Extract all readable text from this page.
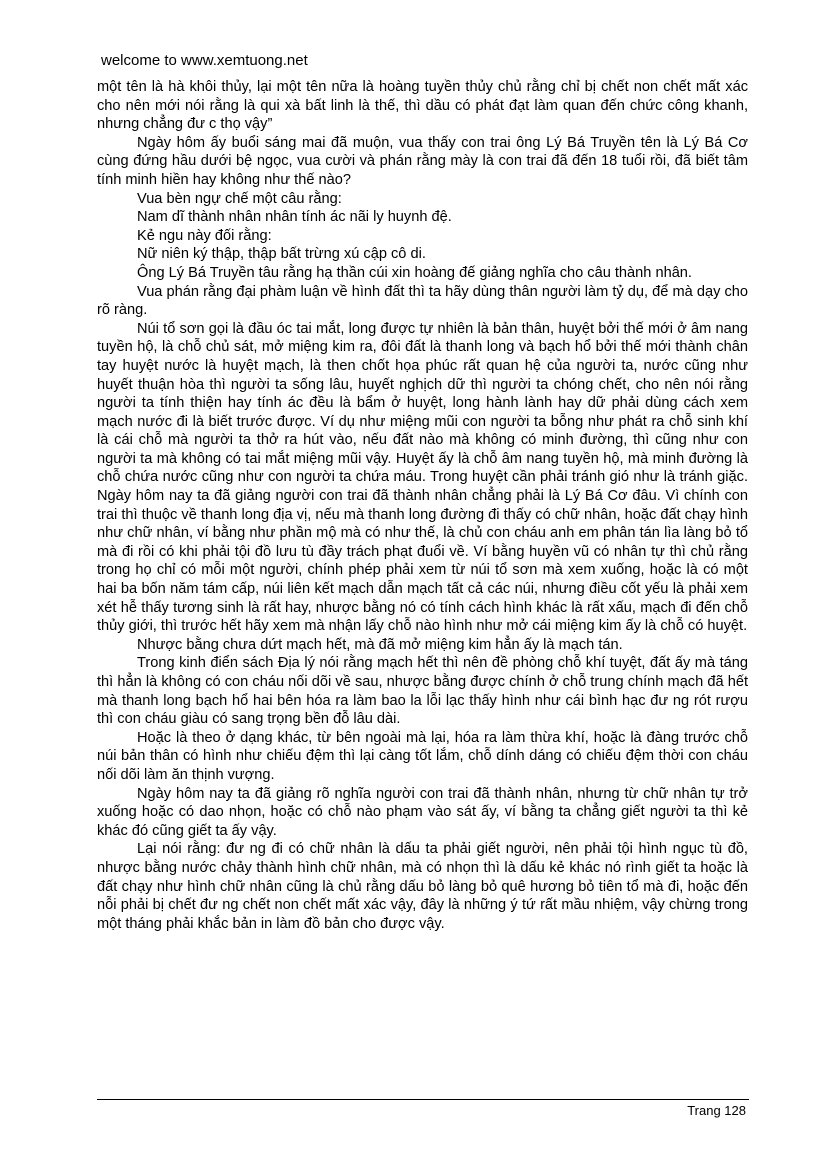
welcome to www.xemtuong.net

một tên là hà khôi thủy, lại một tên nữa là hoàng tuyền thủy chủ rằng chỉ bị chết non chết mất xác cho nên mới nói rằng là qui xà bất linh là thế, thì dầu có phát đạt làm quan đến chức công khanh, nhưng chẳng đư c thọ vậy”

Ngày hôm ấy buổi sáng mai đã muộn, vua thấy con trai ông Lý Bá Truyền tên là Lý Bá Cơ cùng đứng hầu dưới bệ ngọc, vua cười và phán rằng mày là con trai đã đến 18 tuổi rồi, đã biết tâm tính minh hiền hay không như thế nào?

Vua bèn ngự chế một câu rằng:

Nam dĩ thành nhân nhân tính ác nãi ly huynh đệ.

Kẻ ngu này đối rằng:

Nữ niên ký thập, thập bất trừng xú cập cô di.

Ông Lý Bá Truyền tâu rằng hạ thần cúi xin hoàng đế giảng nghĩa cho câu thành nhân.

Vua phán rằng đại phàm luận về hình đất thì ta hãy dùng thân người làm tỷ dụ, để mà dạy cho rõ ràng.

Núi tổ sơn gọi là đầu óc tai mắt, long được tự nhiên là bản thân, huyệt bởi thế mới ở âm nang tuyền hộ, là chỗ chủ sát, mở miệng kim ra, đôi đất là thanh long và bạch hổ bởi thế mới thành chân tay huyệt nước là huyệt mạch, là then chốt họa phúc rất quan hệ của người ta, nước cũng như huyết thuận hòa thì người ta sống lâu, huyết nghịch dữ thì người ta chóng chết, cho nên nói rằng người ta tính thiện hay tính ác đều là bẩm ở huyệt, long hành lành hay dữ phải dùng cách xem mạch nước đi là biết trước được. Ví dụ như miệng mũi con người ta bỗng như phát ra chỗ sinh khí là cái chỗ mà người ta thở ra hút vào, nếu đất nào mà không có minh đường, thì cũng như con người ta mà không có tai mắt miệng mũi vậy. Huyệt ấy là chỗ âm nang tuyền hộ, mà minh đường là chỗ chứa nước cũng như con người ta chứa máu. Trong huyệt cần phải tránh gió như là tránh giặc. Ngày hôm nay ta đã giảng người con trai đã thành nhân chẳng phải là Lý Bá Cơ đâu. Vì chính con trai thì thuộc về thanh long địa vị, nếu mà thanh long đường đi thấy có chữ nhân, hoặc đất chạy hình như chữ nhân, ví bằng như phần mộ mà có như thế, là chủ con cháu anh em phân tán lìa làng bỏ tổ mà đi rồi có khi phải tội đồ lưu tù đầy trách phạt đuổi về. Ví bằng huyền vũ có nhân tự thì chủ rằng trong họ chỉ có mỗi một người, chính phép phải xem từ núi tổ sơn mà xem xuống, hoặc là có một hai ba bốn năm tám cấp, núi liên kết mạch dẫn mạch tất cả các núi, nhưng điều cốt yếu là phải xem xét hễ thấy tương sinh là rất hay, nhược bằng nó có tính cách hình khác là rất xấu, mạch đi đến chỗ thủy giới, thì trước hết hãy xem mà nhận lấy chỗ nào hình như mở cái miệng kim ấy là chỗ có huyệt.

Nhược bằng chưa dứt mạch hết, mà đã mở miệng kim hẳn ấy là mạch tán.

Trong kinh điển sách Địa lý nói rằng mạch hết thì nên đề phòng chỗ khí tuyệt, đất ấy mà táng thì hẳn là không có con cháu nối dõi về sau, nhược bằng được chính ở chỗ trung chính mạch đã hết mà thanh long bạch hổ hai bên hóa ra làm bao la lỗi lạc thấy hình như cái bình hạc đư ng rót rượu thì con cháu giàu có sang trọng bền đỗ lâu dài.

Hoặc là theo ở dạng khác, từ bên ngoài mà lại, hóa ra làm thừa khí, hoặc là đàng trước chỗ núi bản thân có hình như chiếu đệm thì lại càng tốt lắm, chỗ dính dáng có chiếu đệm thời con cháu nối dõi làm ăn thịnh vượng.

Ngày hôm nay ta đã giảng rõ nghĩa người con trai đã thành nhân, nhưng từ chữ nhân tự trở xuống hoặc có dao nhọn, hoặc có chỗ nào phạm vào sát ấy, ví bằng ta chẳng giết người ta thì kẻ khác đó cũng giết ta ấy vậy.

Lại nói rằng: đư ng đi có chữ nhân là dấu ta phải giết người, nên phải tội hình ngục tù đồ, nhược bằng nước chảy thành hình chữ nhân, mà có nhọn thì là dấu kẻ khác nó rình giết ta hoặc là đất chạy như hình chữ nhân cũng là chủ rằng dấu bỏ làng bỏ quê hương bỏ tiên tổ mà đi, hoặc đến nỗi phải bị chết đư ng chết non chết mất xác vậy, đây là những ý tứ rất mầu nhiệm, vậy chừng trong một tháng phải khắc bản in làm đồ bản cho được vậy.

Trang 128
